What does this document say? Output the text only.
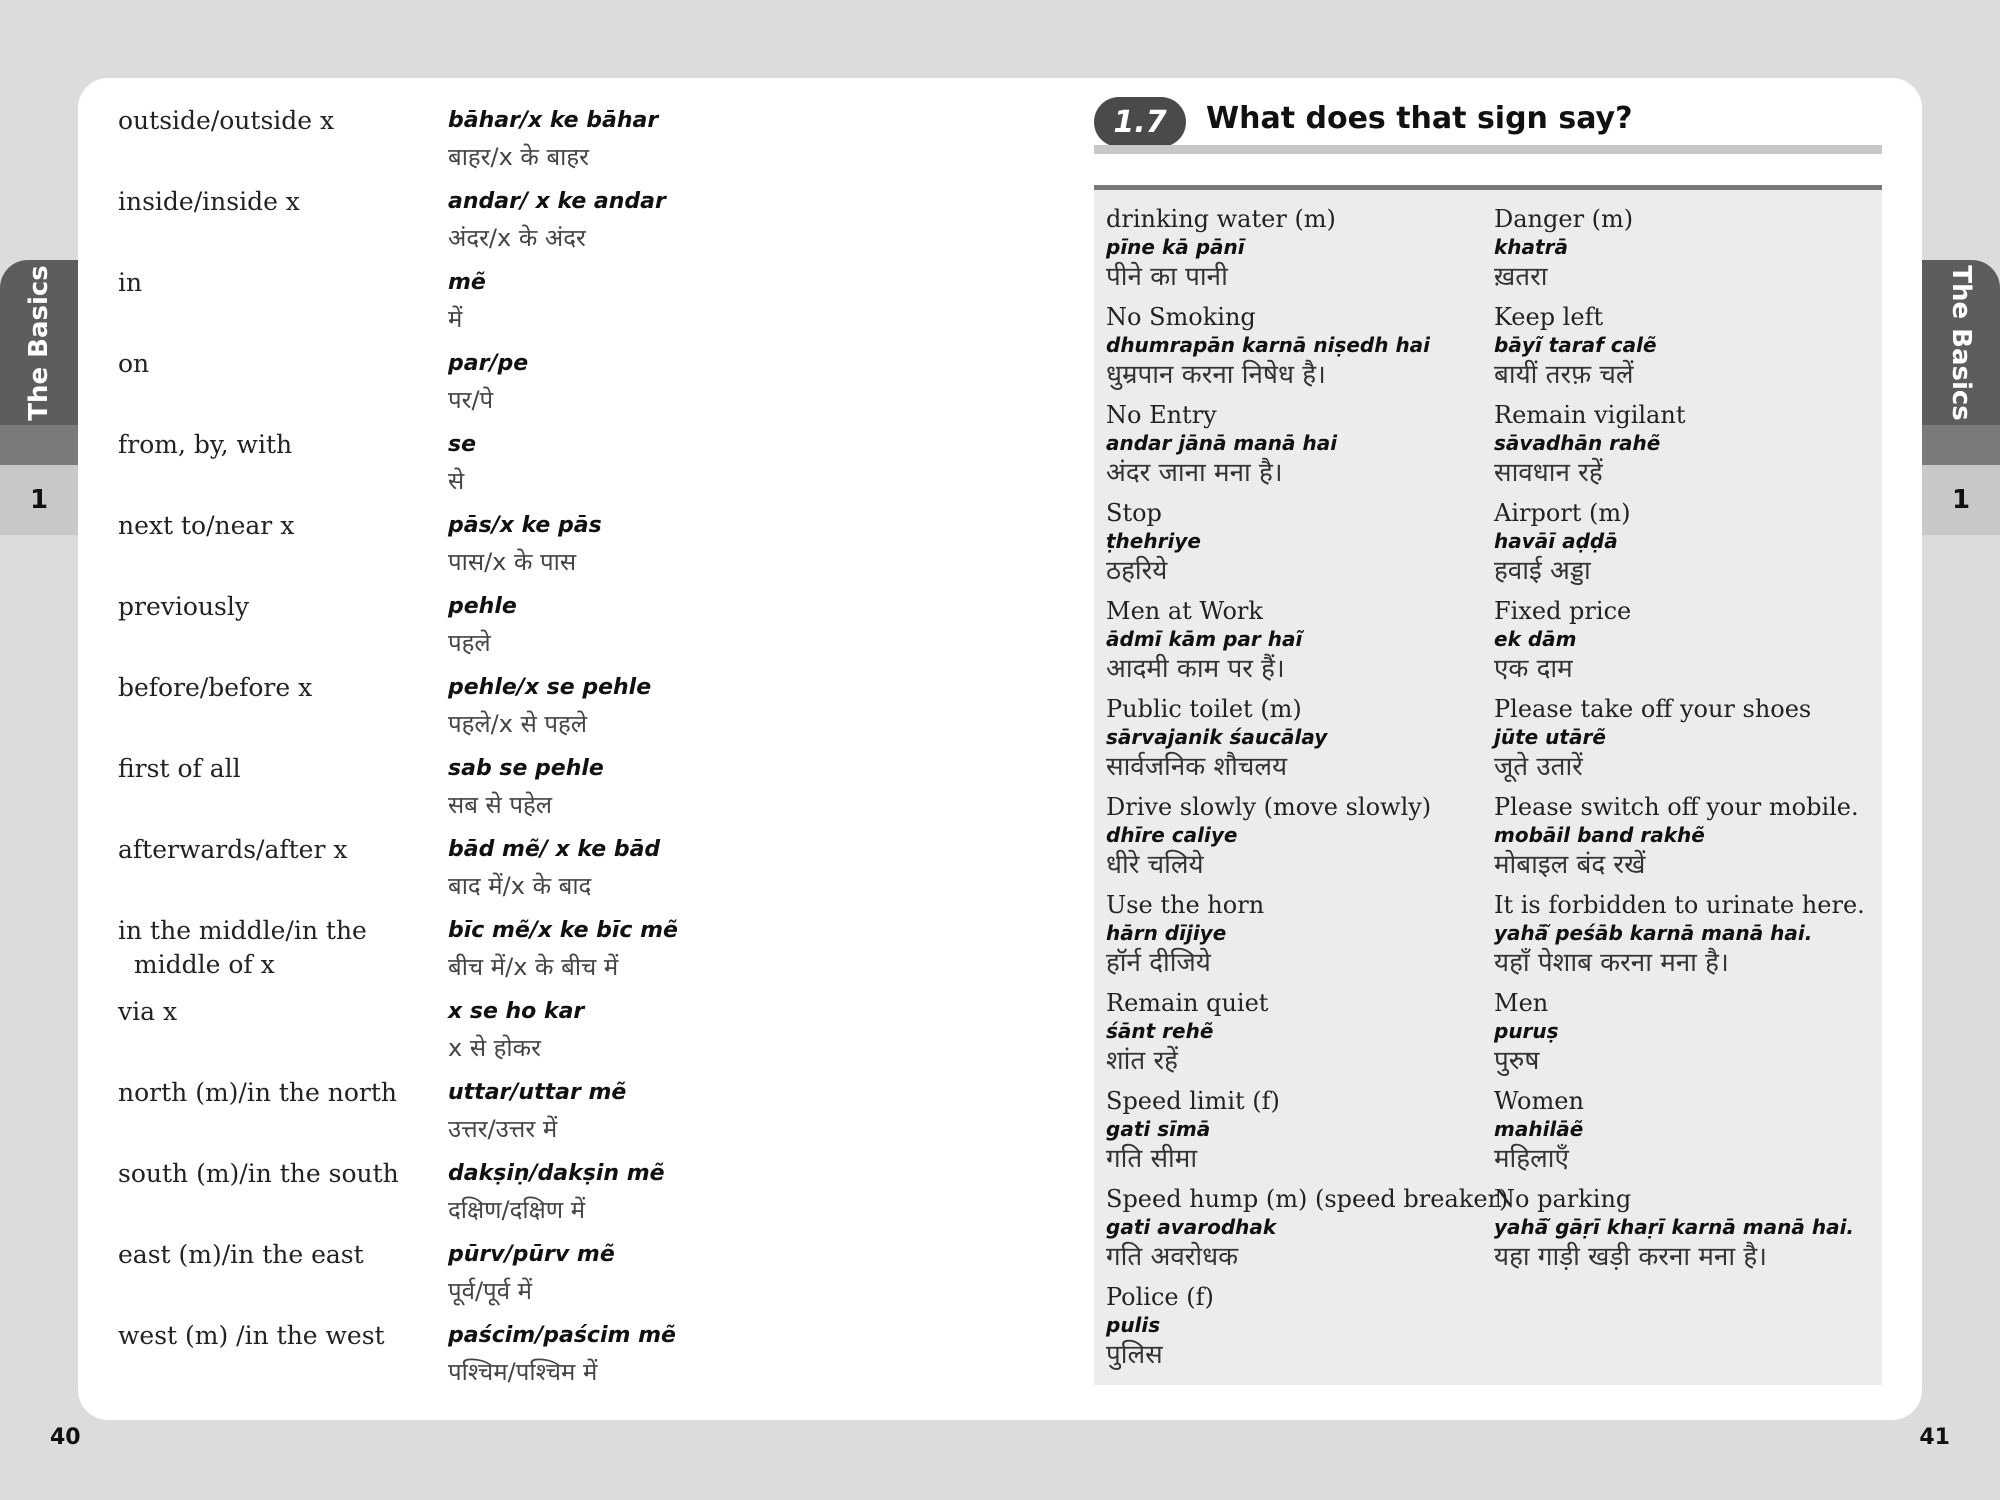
The Basics
1
The Basics
1
outside/outside x	bāhar/x ke bāhar
बाहर/x के बाहर
inside/inside x	andar/ x ke andar
अंदर/x के अंदर
in	mẽ
में
on	par/pe
पर/पे
from, by, with	se
से
next to/near x	pās/x ke pās
पास/x के पास
previously	pehle
पहले
before/before x	pehle/x se pehle
पहले/x से पहले
first of all	sab se pehle
सब से पहेल
afterwards/after x	bād mẽ/ x ke bād
बाद में/x के बाद
in the middle/in the
middle of x
bīc mẽ/x ke bīc mẽ
बीच में/x के बीच में
via x	x se ho kar
x से होकर
north (m)/in the north	uttar/uttar mẽ
उत्तर/उत्तर में
south (m)/in the south	dakṣiṇ/dakṣin mẽ
दक्षिण/दक्षिण में
east (m)/in the east	pūrv/pūrv mẽ
पूर्व/पूर्व में
west (m) /in the west	paścim/paścim mẽ
पश्चिम/पश्चिम में
1.7	What does that sign say?
drinking water (m)
pīne kā pānī
पीने का पानी
No Smoking
dhumrapān karnā niṣedh hai
धुम्रपान करना निषेध है।
No Entry
andar jānā manā hai
अंदर जाना मना है।
Stop
ṭhehriye
ठहरिये
Men at Work
ādmī kām par haĩ
आदमी काम पर हैं।
Public toilet (m)
sārvajanik śaucālay
सार्वजनिक शौचलय
Drive slowly (move slowly)
dhīre caliye
धीरे चलिये
Use the horn
hārn dījiye
हॉर्न दीजिये
Remain quiet
śānt rehẽ
शांत रहें
Speed limit (f)
gati sīmā
गति सीमा
Speed hump (m) (speed breaker)
gati avarodhak
गति अवरोधक
Police (f)
pulis
पुलिस
Danger (m)
khatrā
ख़तरा
Keep left
bāyĩ taraf calẽ
बायीं तरफ़ चलें
Remain vigilant
sāvadhān rahẽ
सावधान रहें
Airport (m)
havāī aḍḍā
हवाई अड्डा
Fixed price
ek dām
एक दाम
Please take off your shoes
jūte utārẽ
जूते उतारें
Please switch off your mobile.
mobāil band rakhẽ
मोबाइल बंद रखें
It is forbidden to urinate here.
yahā̃ peśāb karnā manā hai.
यहाँ पेशाब करना मना है।
Men
puruṣ
पुरुष
Women
mahilāẽ
महिलाएँ
No parking
yahā̃ gāṛī khaṛī karnā manā hai.
यहा गाड़ी खड़ी करना मना है।
40	41
